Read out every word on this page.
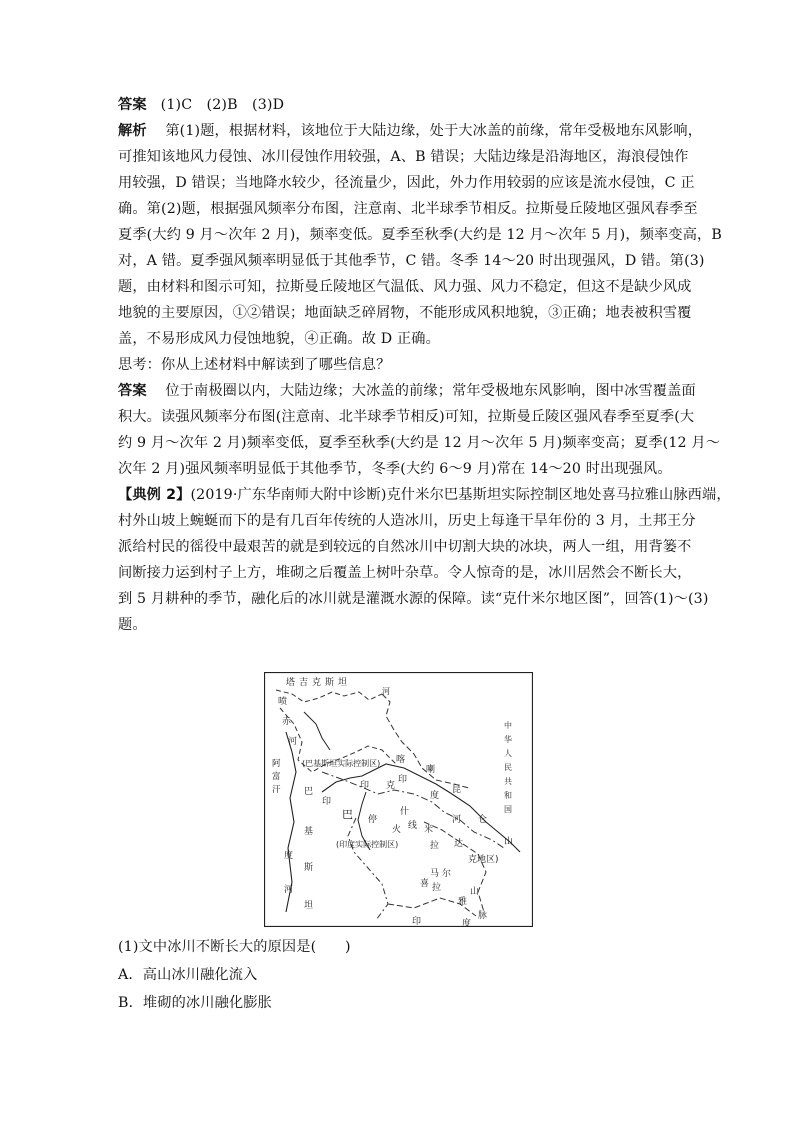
答案 (1)C　(2)B　(3)D
解析 第(1)题，根据材料，该地位于大陆边缘，处于大冰盖的前缘，常年受极地东风影响，
可推知该地风力侵蚀、冰川侵蚀作用较强，A、B 错误；大陆边缘是沿海地区，海浪侵蚀作
用较强，D 错误；当地降水较少，径流量少，因此，外力作用较弱的应该是流水侵蚀，C 正
确。第(2)题，根据强风频率分布图，注意南、北半球季节相反。拉斯曼丘陵地区强风春季至
夏季(大约 9 月～次年 2 月)，频率变低。夏季至秋季(大约是 12 月～次年 5 月)，频率变高，B
对，A 错。夏季强风频率明显低于其他季节，C 错。冬季 14～20 时出现强风，D 错。第(3)
题，由材料和图示可知，拉斯曼丘陵地区气温低、风力强、风力不稳定，但这不是缺少风成
地貌的主要原因，①②错误；地面缺乏碎屑物，不能形成风积地貌，③正确；地表被积雪覆
盖，不易形成风力侵蚀地貌，④正确。故 D 正确。
思考：你从上述材料中解读到了哪些信息？
答案 位于南极圈以内，大陆边缘；大冰盖的前缘；常年受极地东风影响，图中冰雪覆盖面
积大。读强风频率分布图(注意南、北半球季节相反)可知，拉斯曼丘陵区强风春季至夏季(大
约 9 月～次年 2 月)频率变低，夏季至秋季(大约是 12 月～次年 5 月)频率变高；夏季(12 月～
次年 2 月)强风频率明显低于其他季节，冬季(大约 6～9 月)常在 14～20 时出现强风。
【典例 2】(2019·广东华南师大附中诊断)克什米尔巴基斯坦实际控制区地处喜马拉雅山脉西端，
村外山坡上蜿蜒而下的是有几百年传统的人造冰川，历史上每逢干旱年份的 3 月，土邦王分
派给村民的徭役中最艰苦的就是到较远的自然冰川中切割大块的冰块，两人一组，用背篓不
间断接力运到村子上方，堆砌之后覆盖上树叶杂草。令人惊奇的是，冰川居然会不断长大，
到 5 月耕种的季节，融化后的冰川就是灌溉水源的保障。读“克什米尔地区图”，回答(1)～(3)
题。
塔吉克斯坦
喷
赤
河
阿
富
汗	巴
基
斯
坦
印
度
河
河
喀
喇
(巴基斯坦实际控制区)
印 克
印
度
昆
仑
山
什
河
巴 停
火 线 米
拉 达
(印度实际控制区)
克地区)
尔
喜
马
拉
雅
山
脉
度
印
中
华
人
民
共
和
国
(1)文中冰川不断长大的原因是(　　)
A．高山冰川融化流入
B．堆砌的冰川融化膨胀
